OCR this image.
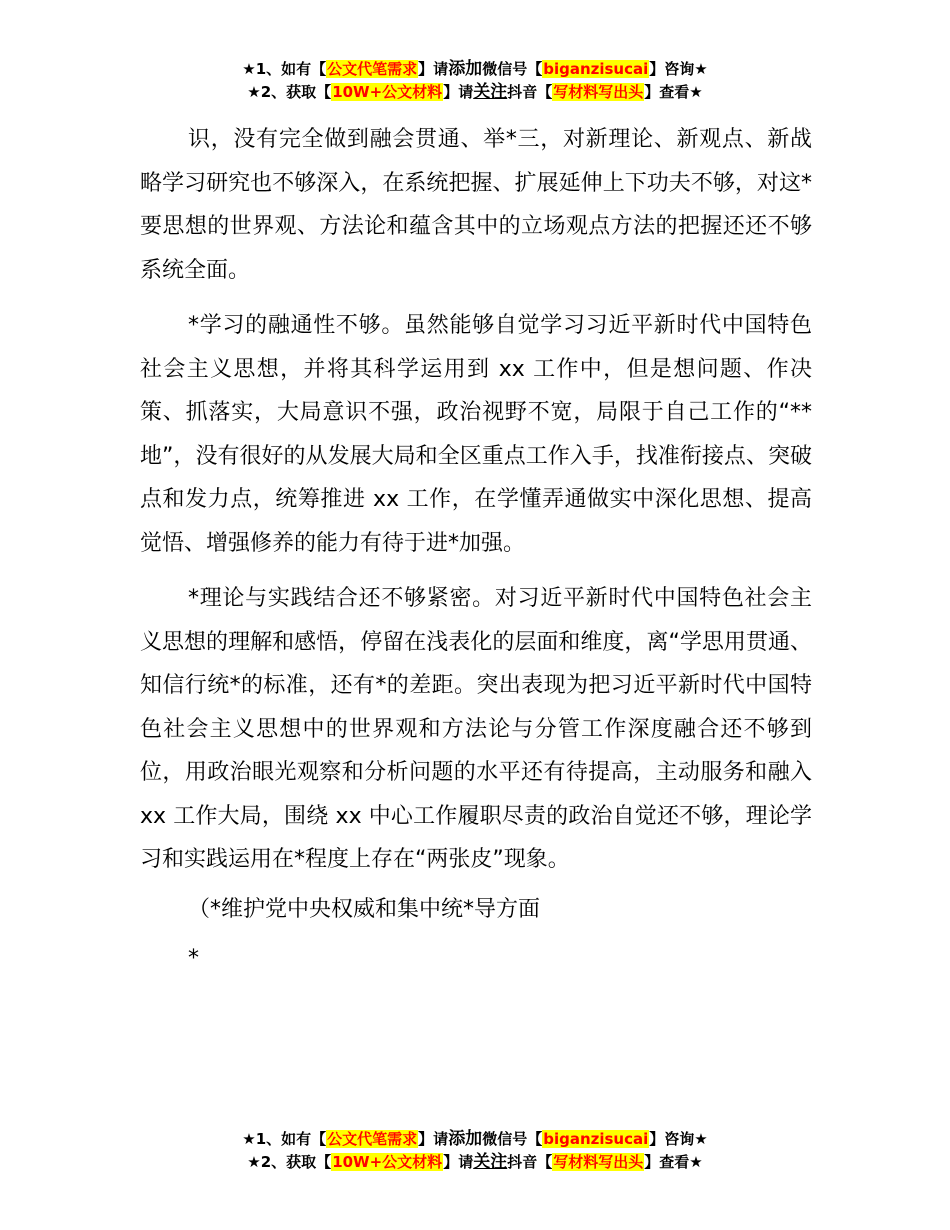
★1、如有【公文代笔需求】请添加微信号【biganzisucai】咨询★
★2、获取【10W+公文材料】请关注抖音【写材料写出头】查看★

识，没有完全做到融会贯通、举*三，对新理论、新观点、新战略学习研究也不够深入，在系统把握、扩展延伸上下功夫不够，对这*要思想的世界观、方法论和蕴含其中的立场观点方法的把握还还不够系统全面。

*学习的融通性不够。虽然能够自觉学习习近平新时代中国特色社会主义思想，并将其科学运用到 xx 工作中，但是想问题、作决策、抓落实，大局意识不强，政治视野不宽，局限于自己工作的“**地”，没有很好的从发展大局和全区重点工作入手，找准衔接点、突破点和发力点，统筹推进 xx 工作，在学懂弄通做实中深化思想、提高觉悟、增强修养的能力有待于进*加强。

*理论与实践结合还不够紧密。对习近平新时代中国特色社会主义思想的理解和感悟，停留在浅表化的层面和维度，离“学思用贯通、知信行统*的标准，还有*的差距。突出表现为把习近平新时代中国特色社会主义思想中的世界观和方法论与分管工作深度融合还不够到位，用政治眼光观察和分析问题的水平还有待提高，主动服务和融入 xx 工作大局，围绕 xx 中心工作履职尽责的政治自觉还不够，理论学习和实践运用在*程度上存在“两张皮”现象。

（*维护党中央权威和集中统*导方面

*

★1、如有【公文代笔需求】请添加微信号【biganzisucai】咨询★
★2、获取【10W+公文材料】请关注抖音【写材料写出头】查看★
